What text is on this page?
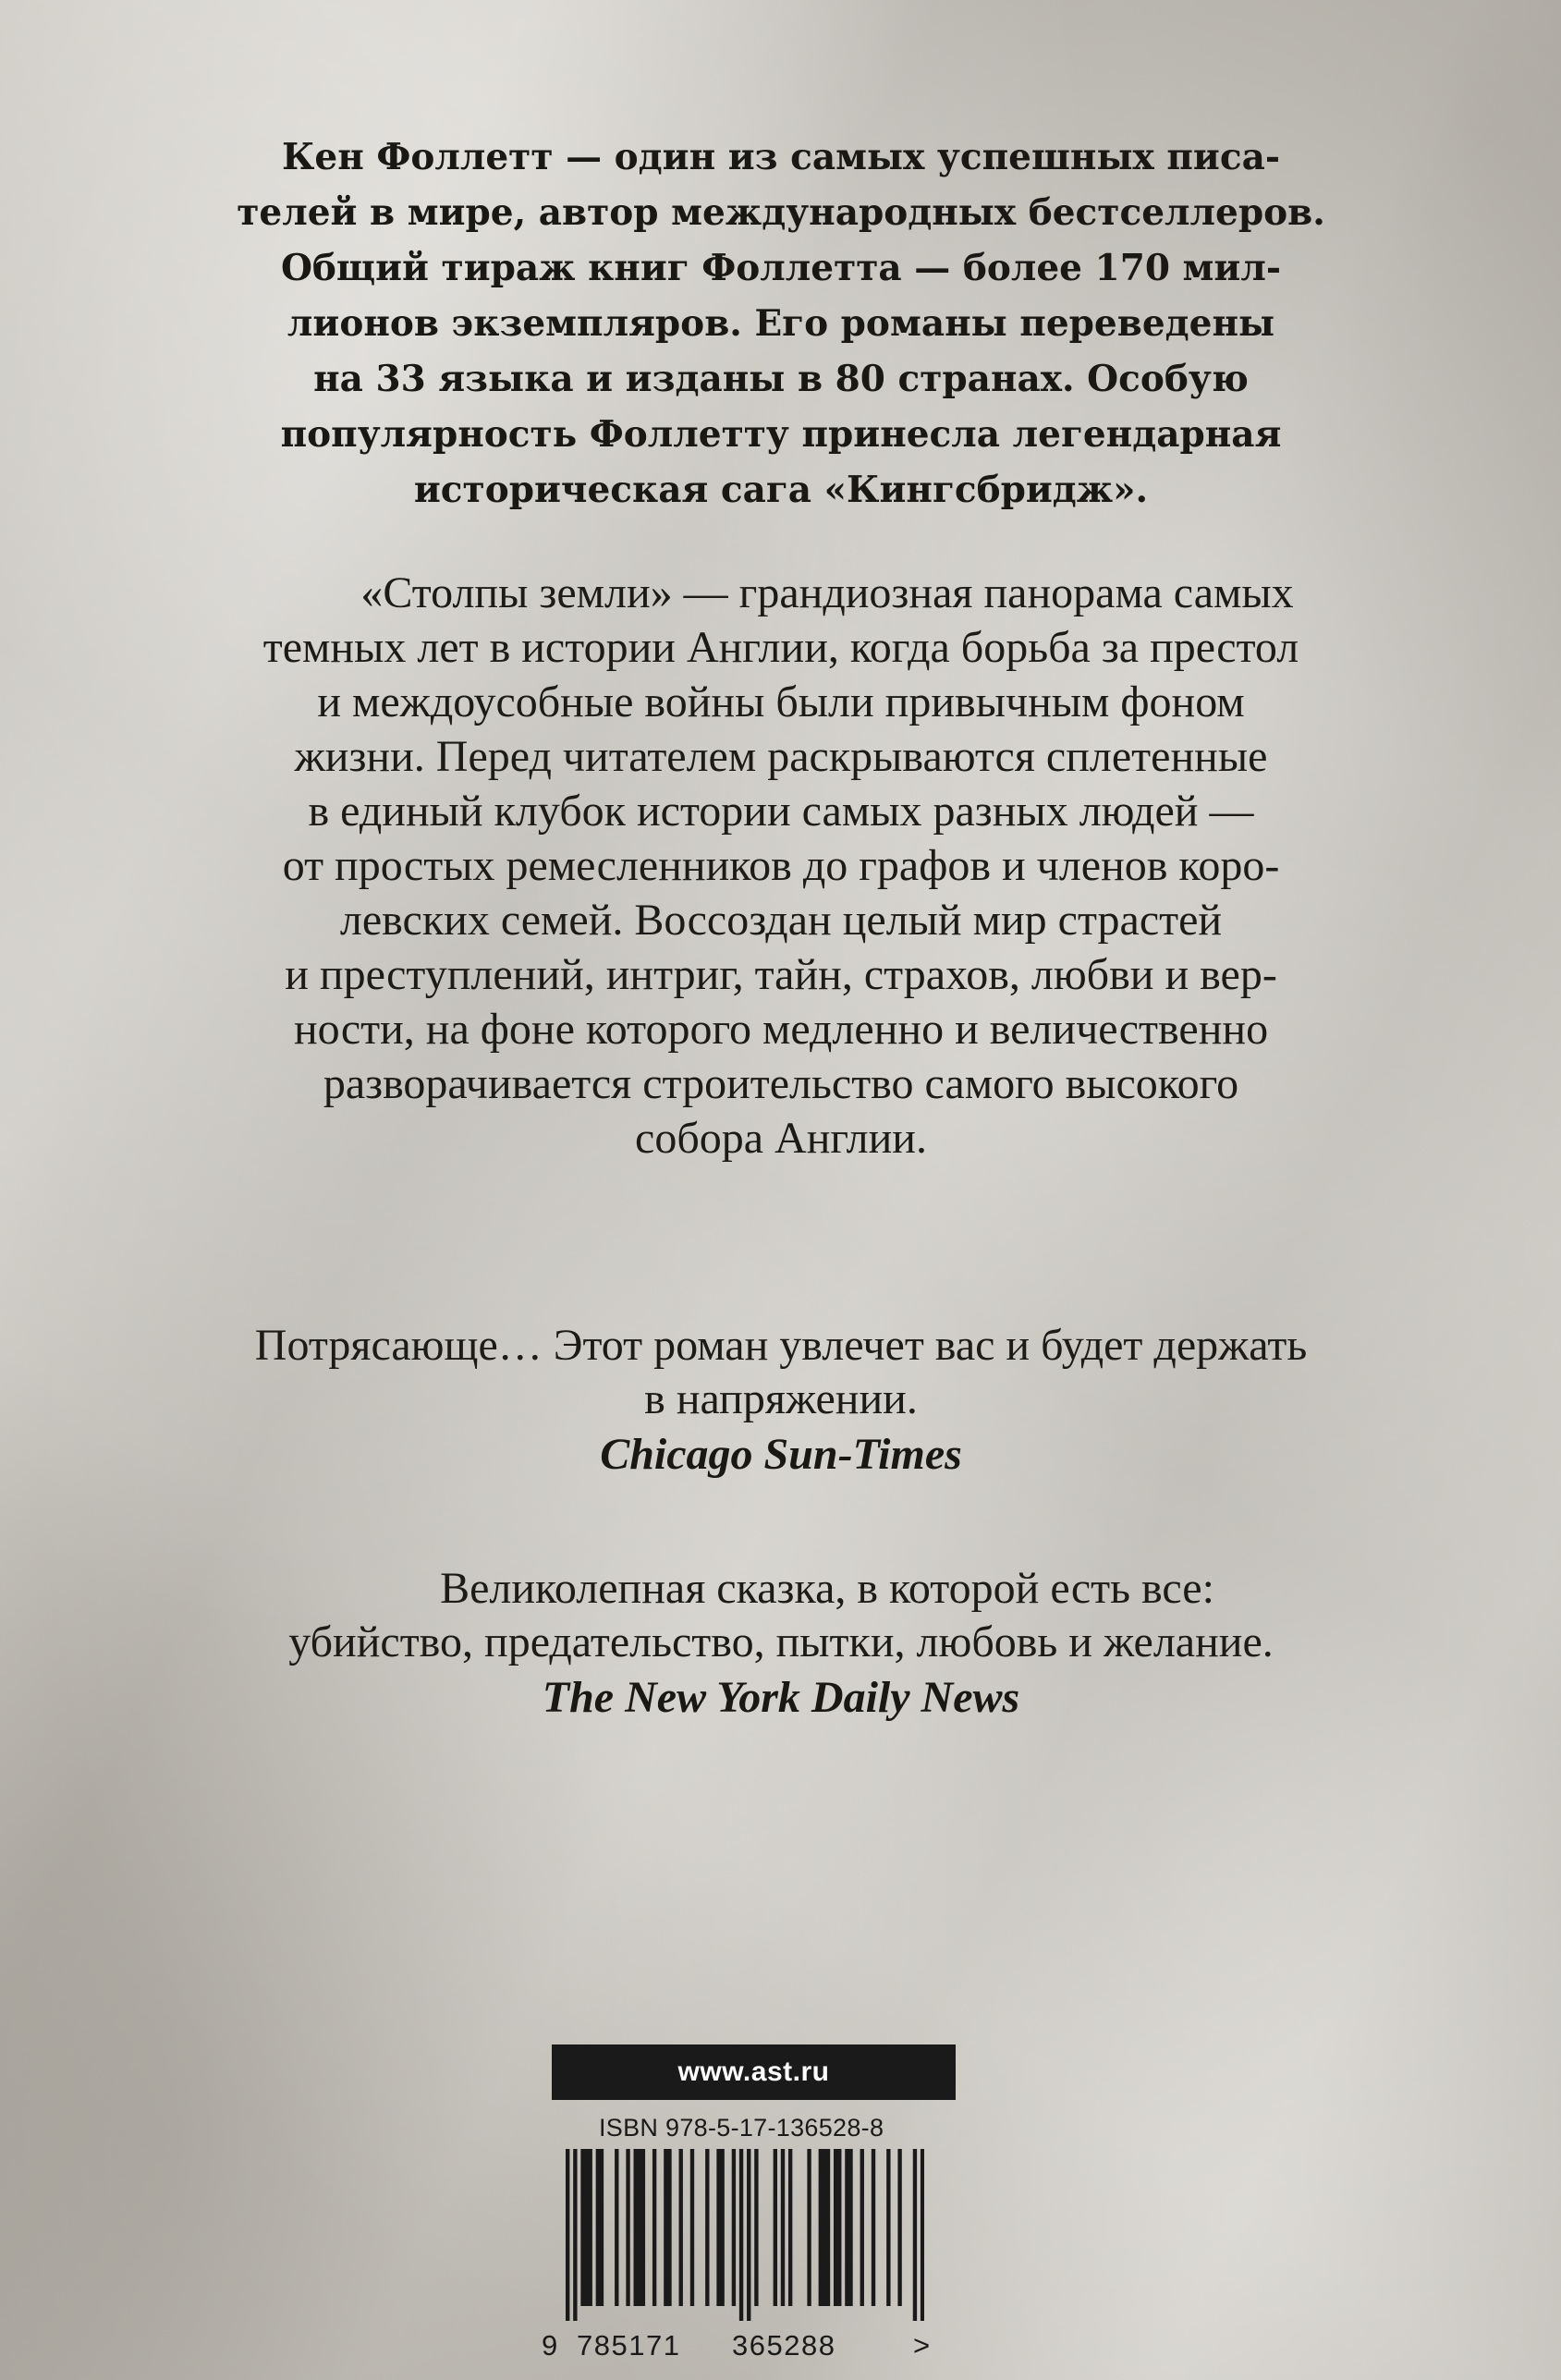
Кен Фоллетт — один из самых успешных писа-
телей в мире, автор международных бестселлеров.
Общий тираж книг Фоллетта — более 170 мил-
лионов экземпляров. Его романы переведены
на 33 языка и изданы в 80 странах. Особую
популярность Фоллетту принесла легендарная
историческая сага «Кингсбридж».

«Столпы земли» — грандиозная панорама самых
темных лет в истории Англии, когда борьба за престол
и междоусобные войны были привычным фоном
жизни. Перед читателем раскрываются сплетенные
в единый клубок истории самых разных людей —
от простых ремесленников до графов и членов коро-
левских семей. Воссоздан целый мир страстей
и преступлений, интриг, тайн, страхов, любви и вер-
ности, на фоне которого медленно и величественно
разворачивается строительство самого высокого
собора Англии.
Потрясающе… Этот роман увлечет вас и будет держать
в напряжении.
Chicago Sun-Times
Великолепная сказка, в которой есть все:
убийство, предательство, пытки, любовь и желание.
The New York Daily News
www.ast.ru
ISBN 978-5-17-136528-8
9 785171 365288	>
